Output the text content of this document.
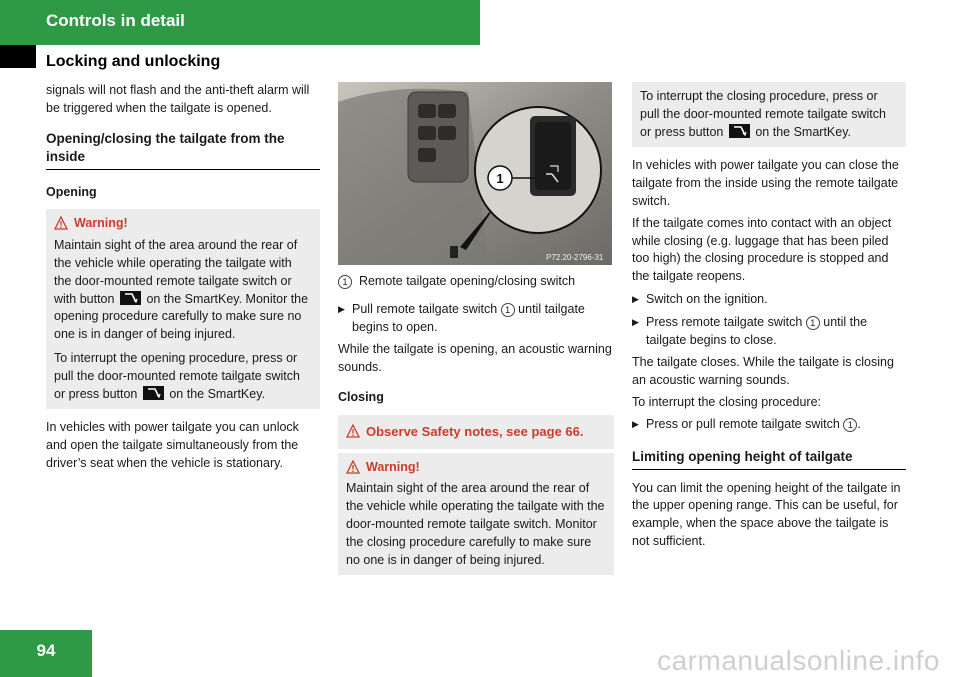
Controls in detail
Locking and unlocking

signals will not flash and the anti-theft alarm will be triggered when the tailgate is opened.

Opening/closing the tailgate from the inside
Opening
Warning!

Maintain sight of the area around the rear of the vehicle while operating the tailgate with the door-mounted remote tailgate switch or with button	on the SmartKey. Monitor the opening procedure carefully to make sure no one is in danger of being injured.

To interrupt the opening procedure, press or pull the door-mounted remote tailgate switch or press button	on the SmartKey.

In vehicles with power tailgate you can unlock and open the tailgate simultaneously from the driver’s seat when the vehicle is stationary.

1
P72.20-2796-31

1 Remote tailgate opening/closing switch

▶ Pull remote tailgate switch 1 until tailgate begins to open.

While the tailgate is opening, an acoustic warning sounds.

Closing
Observe Safety notes, see page 66.
Warning!

Maintain sight of the area around the rear of the vehicle while operating the tailgate with the door-mounted remote tailgate switch. Monitor the closing procedure carefully to make sure no one is in danger of being injured.

To interrupt the closing procedure, press or pull the door-mounted remote tailgate switch or press button	on the SmartKey.

In vehicles with power tailgate you can close the tailgate from the inside using the remote tailgate switch.

If the tailgate comes into contact with an object while closing (e.g. luggage that has been piled too high) the closing procedure is stopped and the tailgate reopens.

▶ Switch on the ignition.
▶ Press remote tailgate switch 1 until the tailgate begins to close.

The tailgate closes. While the tailgate is closing an acoustic warning sounds.

To interrupt the closing procedure:

▶ Press or pull remote tailgate switch 1 .
Limiting opening height of tailgate

You can limit the opening height of the tailgate in the upper opening range. This can be useful, for example, when the space above the tailgate is not sufficient.

94	carmanualsonline.info
